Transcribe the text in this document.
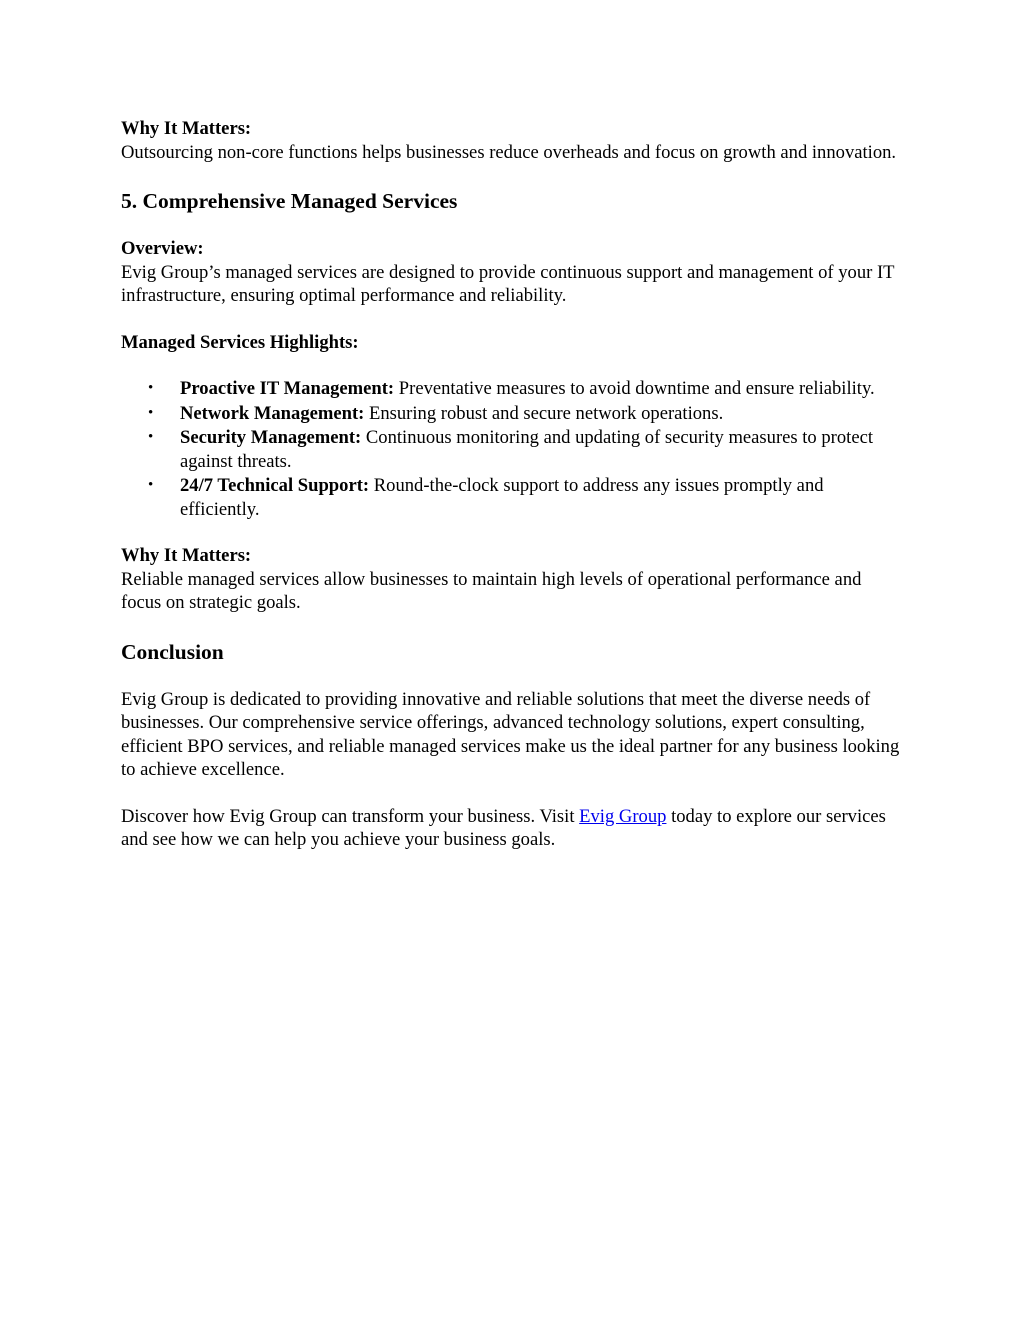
Why It Matters:

Outsourcing non-core functions helps businesses reduce overheads and focus on growth and innovation.

5. Comprehensive Managed Services
Overview:

Evig Group’s managed services are designed to provide continuous support and management of your IT infrastructure, ensuring optimal performance and reliability.

Managed Services Highlights:

• Proactive IT Management: Preventative measures to avoid downtime and ensure reliability.
• Network Management: Ensuring robust and secure network operations.
• Security Management: Continuous monitoring and updating of security measures to protect against threats.
• 24/7 Technical Support: Round-the-clock support to address any issues promptly and efficiently.
Why It Matters:

Reliable managed services allow businesses to maintain high levels of operational performance and focus on strategic goals.

Conclusion

Evig Group is dedicated to providing innovative and reliable solutions that meet the diverse needs of businesses. Our comprehensive service offerings, advanced technology solutions, expert consulting, efficient BPO services, and reliable managed services make us the ideal partner for any business looking to achieve excellence.

Discover how Evig Group can transform your business. Visit Evig Group today to explore our services and see how we can help you achieve your business goals.
